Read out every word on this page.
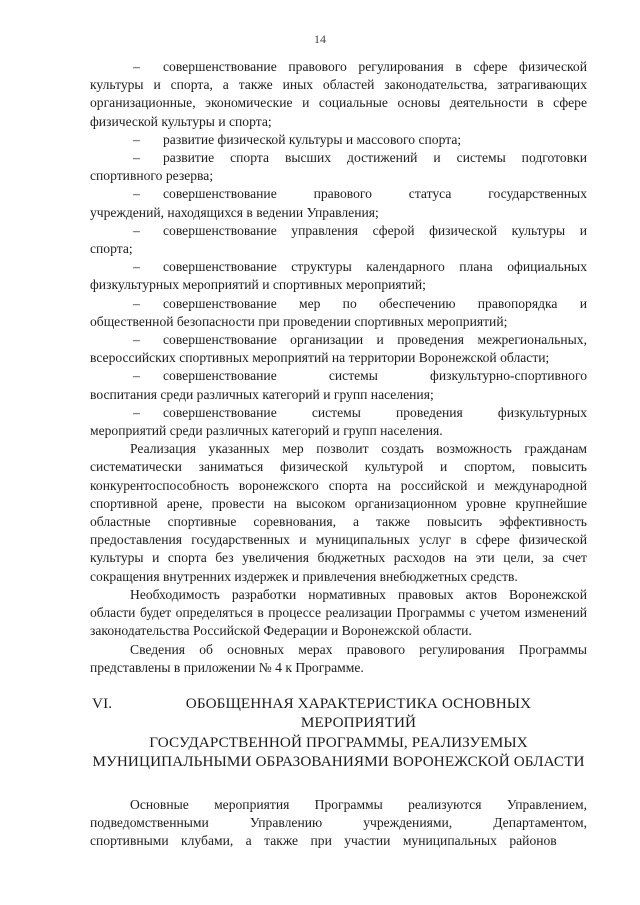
14
–	совершенствование правового регулирования в сфере физической
культуры и спорта, а также иных областей законодательства, затрагивающих организационные, экономические и социальные основы деятельности в сфере физической культуры и спорта;
–	развитие физической культуры и массового спорта;
–	развитие спорта высших достижений и системы подготовки
спортивного резерва;
–	совершенствование правового статуса государственных
учреждений, находящихся в ведении Управления;
–	совершенствование управления сферой физической культуры и
спорта;
–	совершенствование структуры календарного плана официальных
физкультурных мероприятий и спортивных мероприятий;
–	совершенствование мер по обеспечению правопорядка и
общественной безопасности при проведении спортивных мероприятий;
–	совершенствование организации и проведения межрегиональных,
всероссийских спортивных мероприятий на территории Воронежской области;
–	совершенствование системы физкультурно-спортивного
воспитания среди различных категорий и групп населения;
–	совершенствование системы проведения физкультурных
мероприятий среди различных категорий и групп населения.
Реализация указанных мер позволит создать возможность гражданам систематически заниматься физической культурой и спортом, повысить конкурентоспособность воронежского спорта на российской и международной спортивной арене, провести на высоком организационном уровне крупнейшие областные спортивные соревнования, а также повысить эффективность предоставления государственных и муниципальных услуг в сфере физической культуры и спорта без увеличения бюджетных расходов на эти цели, за счет сокращения внутренних издержек и привлечения внебюджетных средств.
Необходимость разработки нормативных правовых актов Воронежской области будет определяться в процессе реализации Программы с учетом изменений законодательства Российской Федерации и Воронежской области.
Сведения об основных мерах правового регулирования Программы представлены в приложении № 4 к Программе.
VI.	ОБОБЩЕННАЯ ХАРАКТЕРИСТИКА ОСНОВНЫХ МЕРОПРИЯТИЙ
ГОСУДАРСТВЕННОЙ ПРОГРАММЫ, РЕАЛИЗУЕМЫХ
МУНИЦИПАЛЬНЫМИ ОБРАЗОВАНИЯМИ ВОРОНЕЖСКОЙ ОБЛАСТИ
Основные мероприятия Программы реализуются Управлением, подведомственными Управлению учреждениями, Департаментом, спортивными клубами, а также при участии муниципальных районов
